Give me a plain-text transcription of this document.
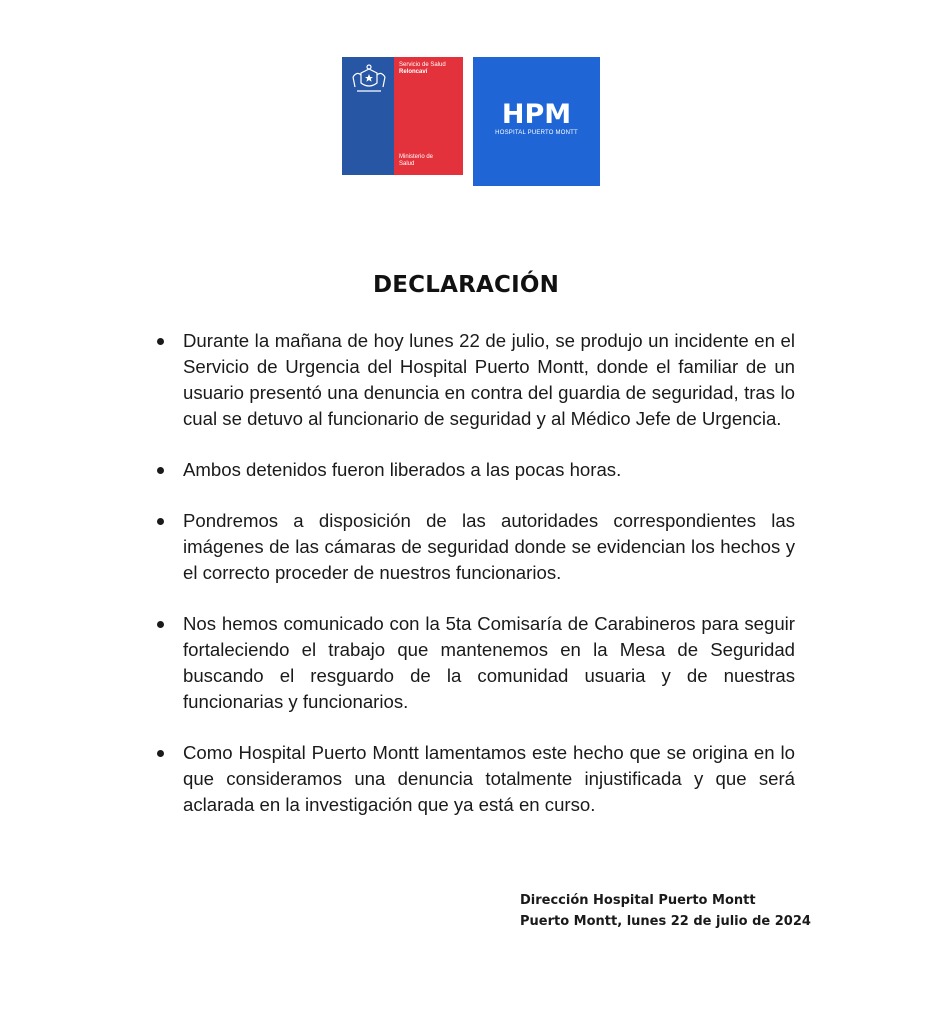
Servicio de Salud
Reloncaví
Ministerio de
Salud
HPM
HOSPITAL PUERTO MONTT
DECLARACIÓN
Durante la mañana de hoy lunes 22 de julio, se produjo un incidente en el Servicio de Urgencia del Hospital Puerto Montt, donde el familiar de un usuario presentó una denuncia en contra del guardia de seguridad, tras lo cual se detuvo al funcionario de seguridad y al Médico Jefe de Urgencia.
Ambos detenidos fueron liberados a las pocas horas.
Pondremos a disposición de las autoridades correspondientes las imágenes de las cámaras de seguridad donde se evidencian los hechos y el correcto proceder de nuestros funcionarios.
Nos hemos comunicado con la 5ta Comisaría de Carabineros para seguir fortaleciendo el trabajo que mantenemos en la Mesa de Seguridad buscando el resguardo de la comunidad usuaria y de nuestras funcionarias y funcionarios.
Como Hospital Puerto Montt lamentamos este hecho que se origina en lo que consideramos una denuncia totalmente injustificada y que será aclarada en la investigación que ya está en curso.
Dirección Hospital Puerto Montt
Puerto Montt, lunes 22 de julio de 2024
